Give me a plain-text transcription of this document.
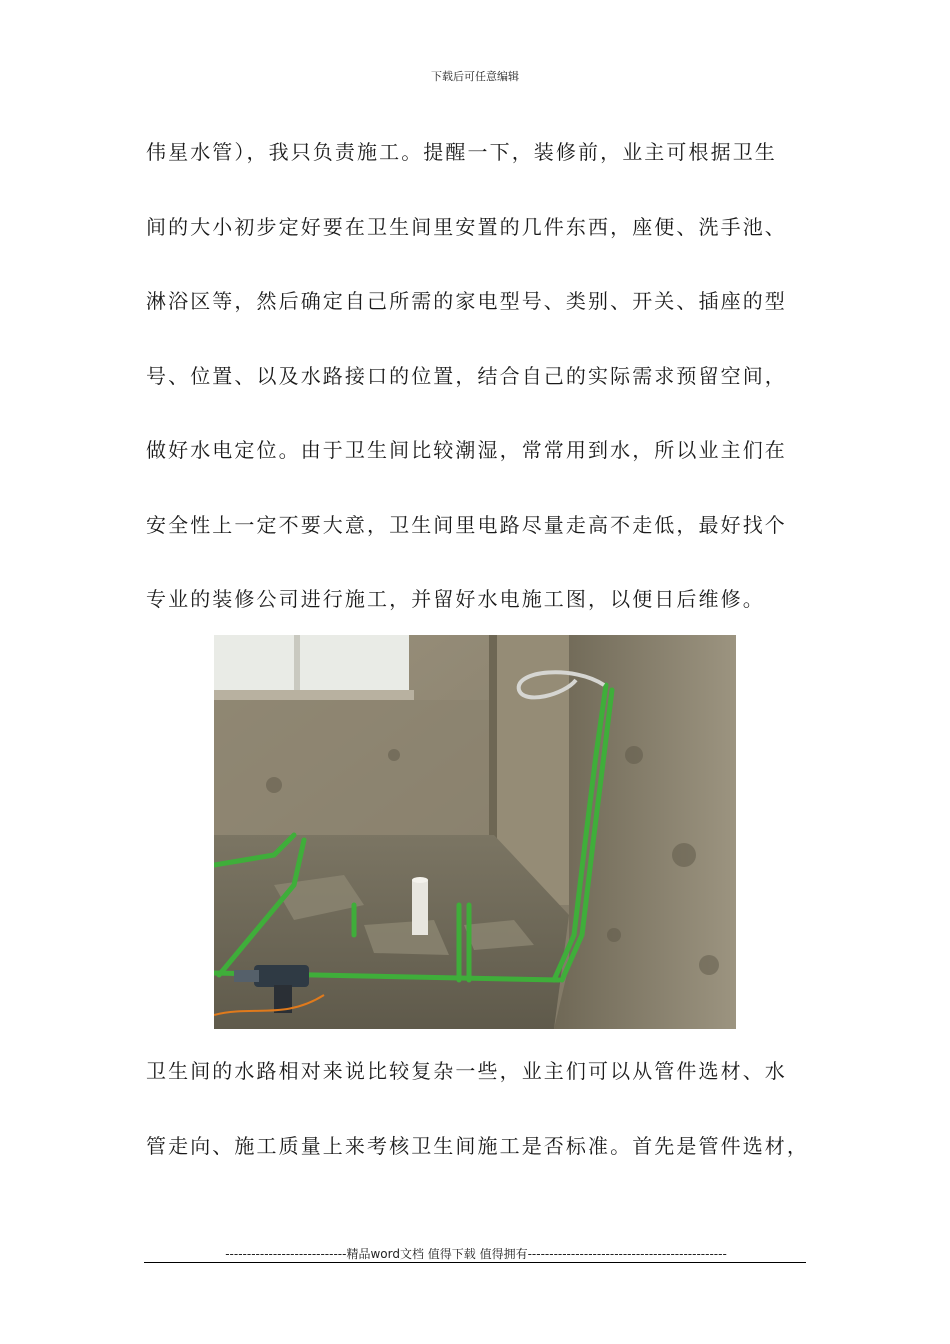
下载后可任意编辑
伟星水管），我只负责施工。提醒一下，装修前，业主可根据卫生
间的大小初步定好要在卫生间里安置的几件东西，座便、洗手池、
淋浴区等，然后确定自己所需的家电型号、类别、开关、插座的型
号、位置、以及水路接口的位置，结合自己的实际需求预留空间，
做好水电定位。由于卫生间比较潮湿，常常用到水，所以业主们在
安全性上一定不要大意，卫生间里电路尽量走高不走低，最好找个
专业的装修公司进行施工，并留好水电施工图，以便日后维修。
卫生间的水路相对来说比较复杂一些，业主们可以从管件选材、水
管走向、施工质量上来考核卫生间施工是否标准。首先是管件选材，
----------------------------精品word文档 值得下载 值得拥有----------------------------------------------
